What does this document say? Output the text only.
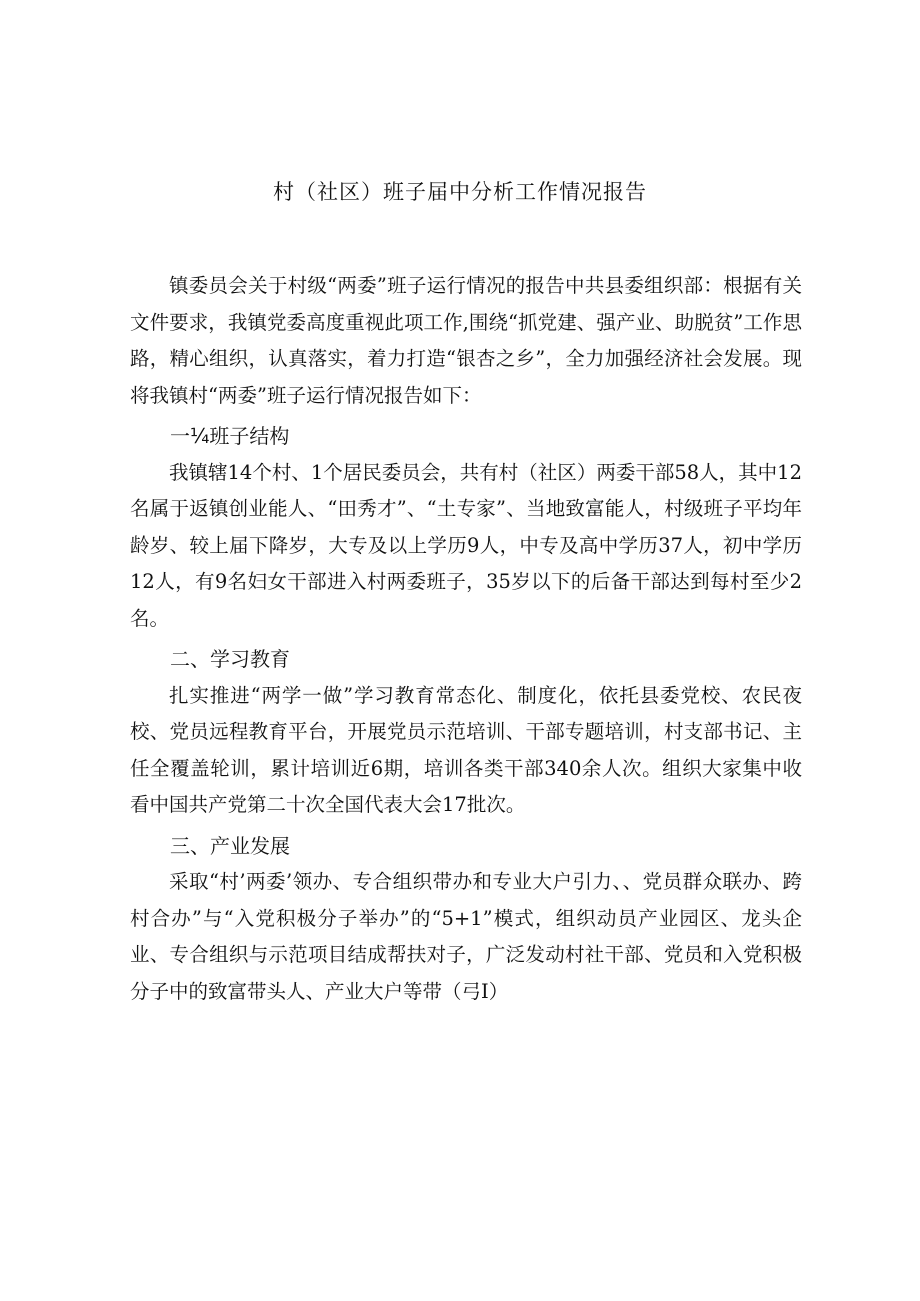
村（社区）班子届中分析工作情况报告

镇委员会关于村级“两委”班子运行情况的报告中共县委组织部：根据有关文件要求，我镇党委高度重视此项工作,围绕“抓党建、强产业、助脱贫”工作思路，精心组织，认真落实，着力打造“银杏之乡”，全力加强经济社会发展。现将我镇村“两委”班子运行情况报告如下：

一¼班子结构

我镇辖14个村、1个居民委员会，共有村（社区）两委干部58人，其中12名属于返镇创业能人、“田秀才”、“土专家”、当地致富能人，村级班子平均年龄岁、较上届下降岁，大专及以上学历9人，中专及高中学历37人，初中学历12人，有9名妇女干部进入村两委班子，35岁以下的后备干部达到每村至少2名。

二、学习教育

扎实推进“两学一做”学习教育常态化、制度化，依托县委党校、农民夜校、党员远程教育平台，开展党员示范培训、干部专题培训，村支部书记、主任全覆盖轮训，累计培训近6期，培训各类干部340余人次。组织大家集中收看中国共产党第二十次全国代表大会17批次。

三、产业发展

采取“村’两委’领办、专合组织带办和专业大户引力、、党员群众联办、跨村合办”与“入党积极分子举办”的“5+1”模式，组织动员产业园区、龙头企业、专合组织与示范项目结成帮扶对子，广泛发动村社干部、党员和入党积极分子中的致富带头人、产业大户等带（弓I）
